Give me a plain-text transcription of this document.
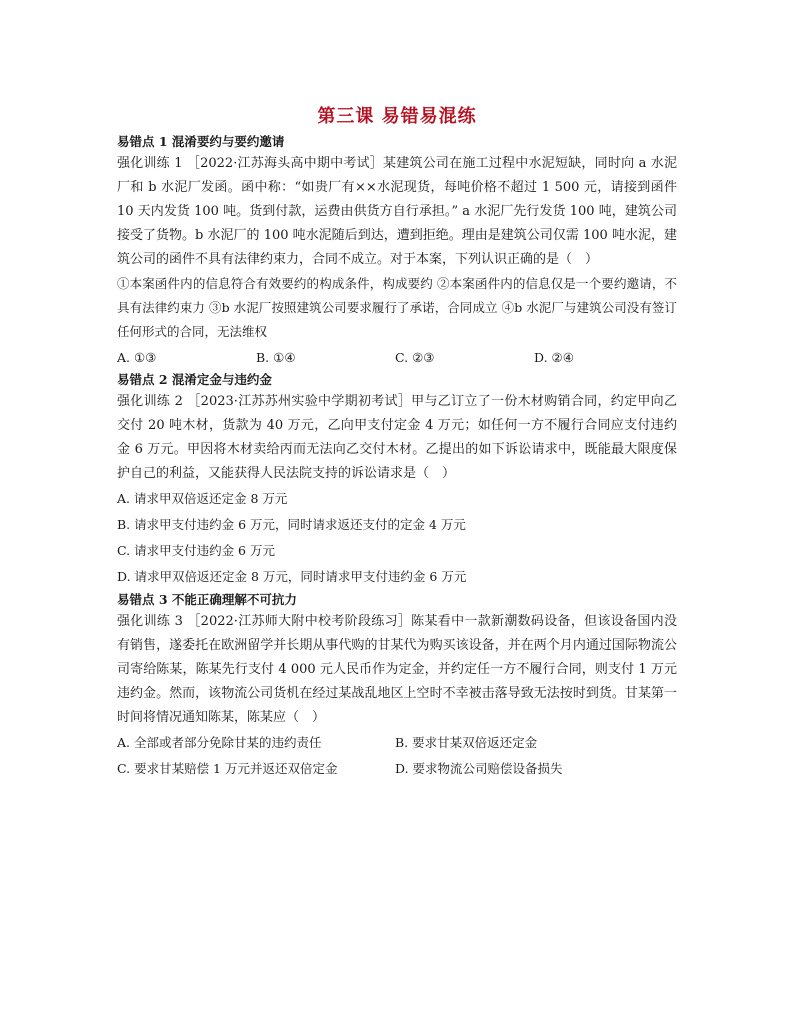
第三课 易错易混练

易错点 1 混淆要约与要约邀请

强化训练 1 ［2022·江苏海头高中期中考试］某建筑公司在施工过程中水泥短缺，同时向 a 水泥厂和 b 水泥厂发函。函中称：“如贵厂有××水泥现货，每吨价格不超过 1 500 元，请接到函件 10 天内发货 100 吨。货到付款，运费由供货方自行承担。” a 水泥厂先行发货 100 吨，建筑公司接受了货物。b 水泥厂的 100 吨水泥随后到达，遭到拒绝。理由是建筑公司仅需 100 吨水泥，建筑公司的函件不具有法律约束力，合同不成立。对于本案，下列认识正确的是（　）

①本案函件内的信息符合有效要约的构成条件，构成要约 ②本案函件内的信息仅是一个要约邀请，不具有法律约束力 ③b 水泥厂按照建筑公司要求履行了承诺，合同成立 ④b 水泥厂与建筑公司没有签订任何形式的合同，无法维权

A. ①③	B. ①④	C. ②③	D. ②④

易错点 2 混淆定金与违约金

强化训练 2 ［2023·江苏苏州实验中学期初考试］甲与乙订立了一份木材购销合同，约定甲向乙交付 20 吨木材，货款为 40 万元，乙向甲支付定金 4 万元；如任何一方不履行合同应支付违约金 6 万元。甲因将木材卖给丙而无法向乙交付木材。乙提出的如下诉讼请求中，既能最大限度保护自己的利益，又能获得人民法院支持的诉讼请求是（　）

A. 请求甲双倍返还定金 8 万元

B. 请求甲支付违约金 6 万元，同时请求返还支付的定金 4 万元

C. 请求甲支付违约金 6 万元

D. 请求甲双倍返还定金 8 万元，同时请求甲支付违约金 6 万元

易错点 3 不能正确理解不可抗力

强化训练 3 ［2022·江苏师大附中校考阶段练习］陈某看中一款新潮数码设备，但该设备国内没有销售，遂委托在欧洲留学并长期从事代购的甘某代为购买该设备，并在两个月内通过国际物流公司寄给陈某，陈某先行支付 4 000 元人民币作为定金，并约定任一方不履行合同，则支付 1 万元违约金。然而，该物流公司货机在经过某战乱地区上空时不幸被击落导致无法按时到货。甘某第一时间将情况通知陈某，陈某应（　）

A. 全部或者部分免除甘某的违约责任	B. 要求甘某双倍返还定金
C. 要求甘某赔偿 1 万元并返还双倍定金	D. 要求物流公司赔偿设备损失
